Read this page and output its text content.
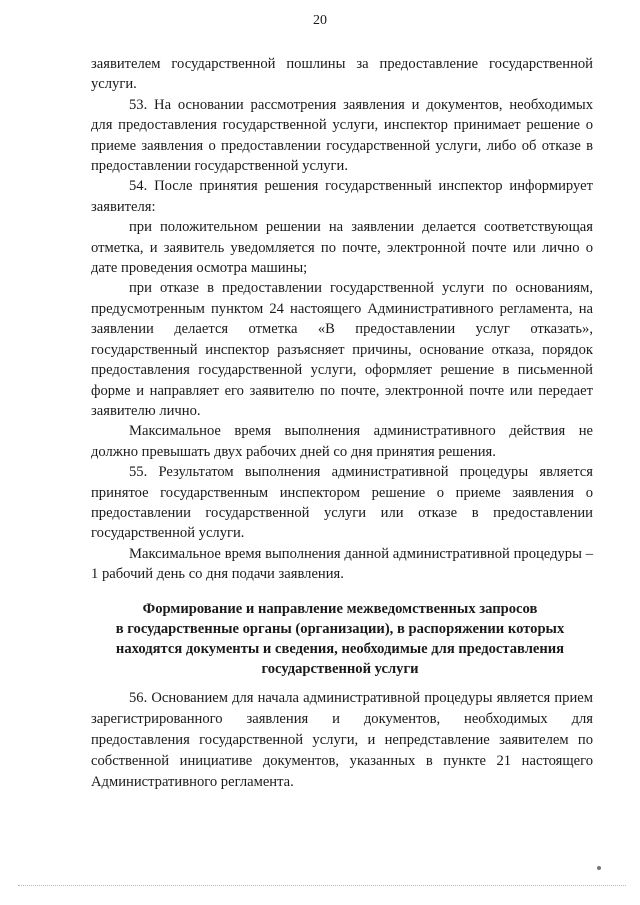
20

заявителем государственной пошлины за предоставление государственной услуги.

53. На основании рассмотрения заявления и документов, необходимых для предоставления государственной услуги, инспектор принимает решение о приеме заявления о предоставлении государственной услуги, либо об отказе в предоставлении государственной услуги.

54. После принятия решения государственный инспектор информирует заявителя:

при положительном решении на заявлении делается соответствующая отметка, и заявитель уведомляется по почте, электронной почте или лично о дате проведения осмотра машины;

при отказе в предоставлении государственной услуги по основаниям, предусмотренным пунктом 24 настоящего Административного регламента, на заявлении делается отметка «В предоставлении услуг отказать», государственный инспектор разъясняет причины, основание отказа, порядок предоставления государственной услуги, оформляет решение в письменной форме и направляет его заявителю по почте, электронной почте или передает заявителю лично.

Максимальное время выполнения административного действия не должно превышать двух рабочих дней со дня принятия решения.

55. Результатом выполнения административной процедуры является принятое государственным инспектором решение о приеме заявления о предоставлении государственной услуги или отказе в предоставлении государственной услуги.

Максимальное время выполнения данной административной процедуры – 1 рабочий день со дня подачи заявления.

Формирование и направление межведомственных запросов
в государственные органы (организации), в распоряжении которых
находятся документы и сведения, необходимые для предоставления
государственной услуги

56. Основанием для начала административной процедуры является прием зарегистрированного заявления и документов, необходимых для предоставления государственной услуги, и непредставление заявителем по собственной инициативе документов, указанных в пункте 21 настоящего Административного регламента.
